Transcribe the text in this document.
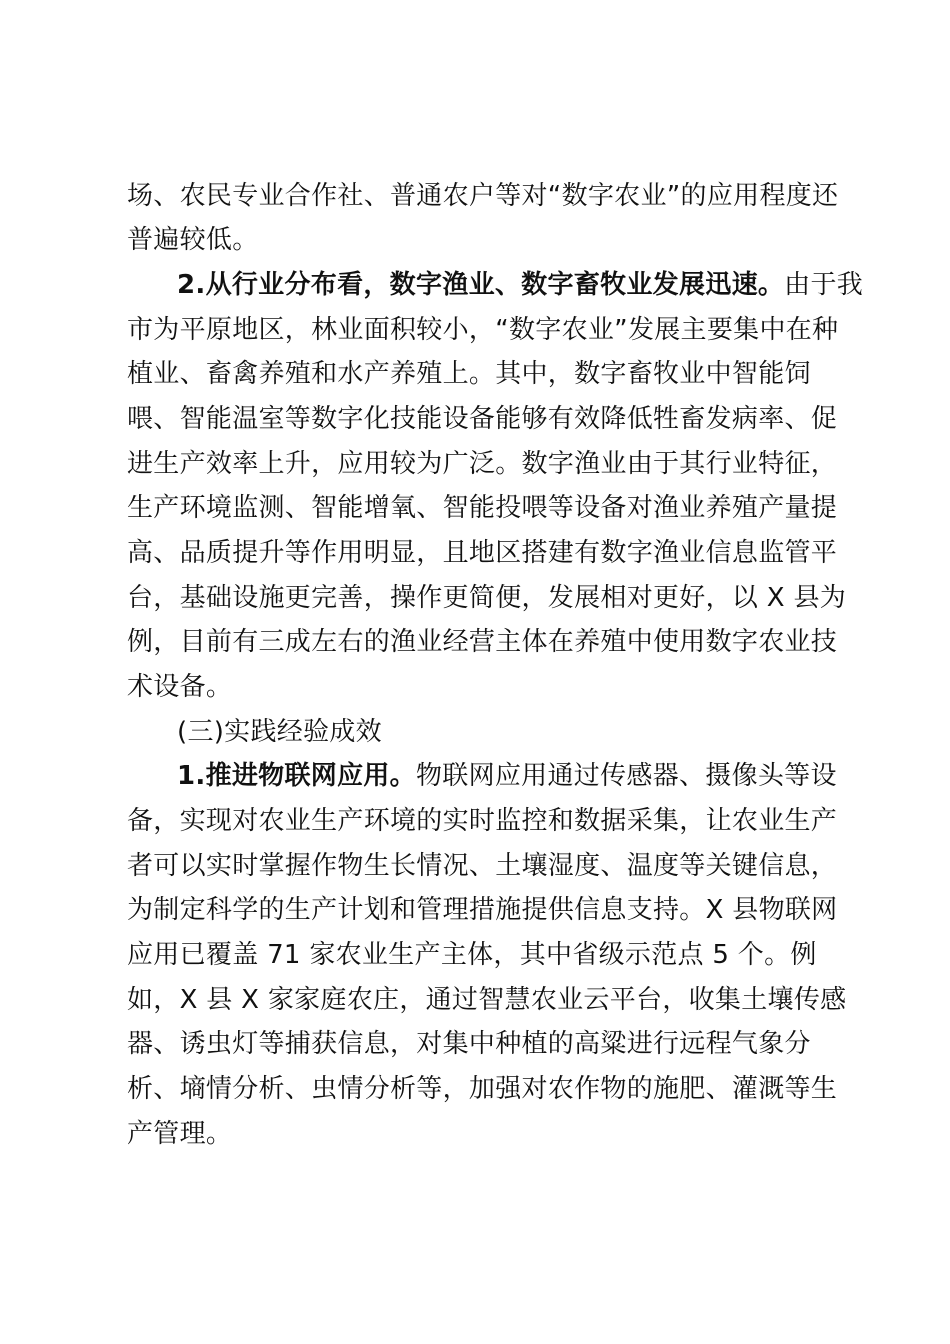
场、农民专业合作社、普通农户等对“数字农业”的应用程度还
普遍较低。
2.从行业分布看，数字渔业、数字畜牧业发展迅速。由于我
市为平原地区，林业面积较小，“数字农业”发展主要集中在种
植业、畜禽养殖和水产养殖上。其中，数字畜牧业中智能饲
喂、智能温室等数字化技能设备能够有效降低牲畜发病率、促
进生产效率上升，应用较为广泛。数字渔业由于其行业特征，
生产环境监测、智能增氧、智能投喂等设备对渔业养殖产量提
高、品质提升等作用明显，且地区搭建有数字渔业信息监管平
台，基础设施更完善，操作更简便，发展相对更好，以 X 县为
例，目前有三成左右的渔业经营主体在养殖中使用数字农业技
术设备。
(三)实践经验成效
1.推进物联网应用。物联网应用通过传感器、摄像头等设
备，实现对农业生产环境的实时监控和数据采集，让农业生产
者可以实时掌握作物生长情况、土壤湿度、温度等关键信息，
为制定科学的生产计划和管理措施提供信息支持。X 县物联网
应用已覆盖 71 家农业生产主体，其中省级示范点 5 个。例
如，X 县 X 家家庭农庄，通过智慧农业云平台，收集土壤传感
器、诱虫灯等捕获信息，对集中种植的高粱进行远程气象分
析、墒情分析、虫情分析等，加强对农作物的施肥、灌溉等生
产管理。
